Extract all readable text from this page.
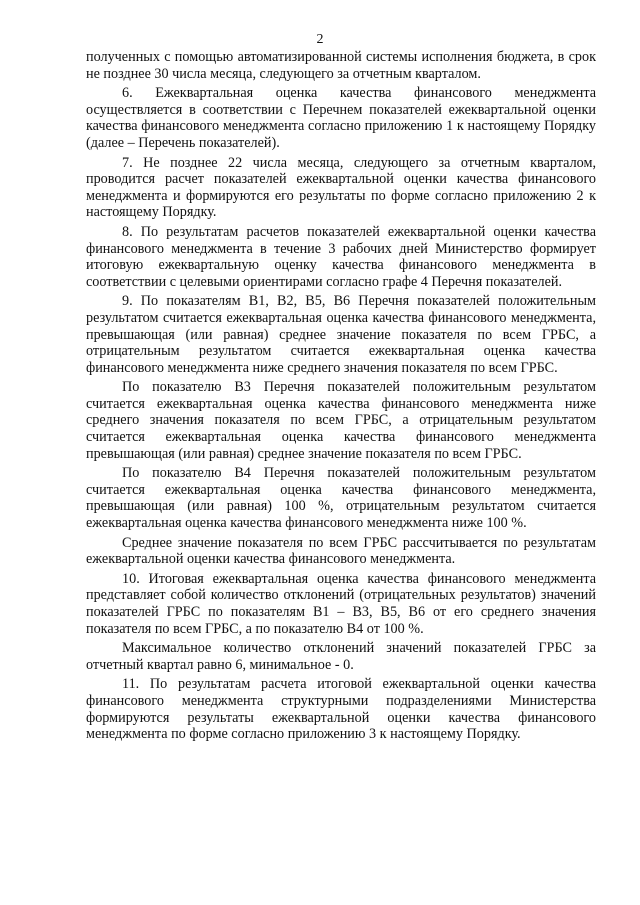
2

полученных с помощью автоматизированной системы исполнения бюджета, в срок не позднее 30 числа месяца, следующего за отчетным кварталом.

6. Ежеквартальная оценка качества финансового менеджмента осуществляется в соответствии с Перечнем показателей ежеквартальной оценки качества финансового менеджмента согласно приложению 1 к настоящему Порядку (далее – Перечень показателей).

7. Не позднее 22 числа месяца, следующего за отчетным кварталом, проводится расчет показателей ежеквартальной оценки качества финансового менеджмента и формируются его результаты по форме согласно приложению 2 к настоящему Порядку.

8. По результатам расчетов показателей ежеквартальной оценки качества финансового менеджмента в течение 3 рабочих дней Министерство формирует итоговую ежеквартальную оценку качества финансового менеджмента в соответствии с целевыми ориентирами согласно графе 4 Перечня показателей.

9. По показателям В1, В2, В5, В6 Перечня показателей положительным результатом считается ежеквартальная оценка качества финансового менеджмента, превышающая (или равная) среднее значение показателя по всем ГРБС, а отрицательным результатом считается ежеквартальная оценка качества финансового менеджмента ниже среднего значения показателя по всем ГРБС.

По показателю В3 Перечня показателей положительным результатом считается ежеквартальная оценка качества финансового менеджмента ниже среднего значения показателя по всем ГРБС, а отрицательным результатом считается ежеквартальная оценка качества финансового менеджмента превышающая (или равная) среднее значение показателя по всем ГРБС.

По показателю В4 Перечня показателей положительным результатом считается ежеквартальная оценка качества финансового менеджмента, превышающая (или равная) 100 %, отрицательным результатом считается ежеквартальная оценка качества финансового менеджмента ниже 100 %.

Среднее значение показателя по всем ГРБС рассчитывается по результатам ежеквартальной оценки качества финансового менеджмента.

10. Итоговая ежеквартальная оценка качества финансового менеджмента представляет собой количество отклонений (отрицательных результатов) значений показателей ГРБС по показателям В1 – В3, В5, В6 от его среднего значения показателя по всем ГРБС, а по показателю В4 от 100 %.

Максимальное количество отклонений значений показателей ГРБС за отчетный квартал равно 6, минимальное - 0.

11. По результатам расчета итоговой ежеквартальной оценки качества финансового менеджмента структурными подразделениями Министерства формируются результаты ежеквартальной оценки качества финансового менеджмента по форме согласно приложению 3 к настоящему Порядку.
